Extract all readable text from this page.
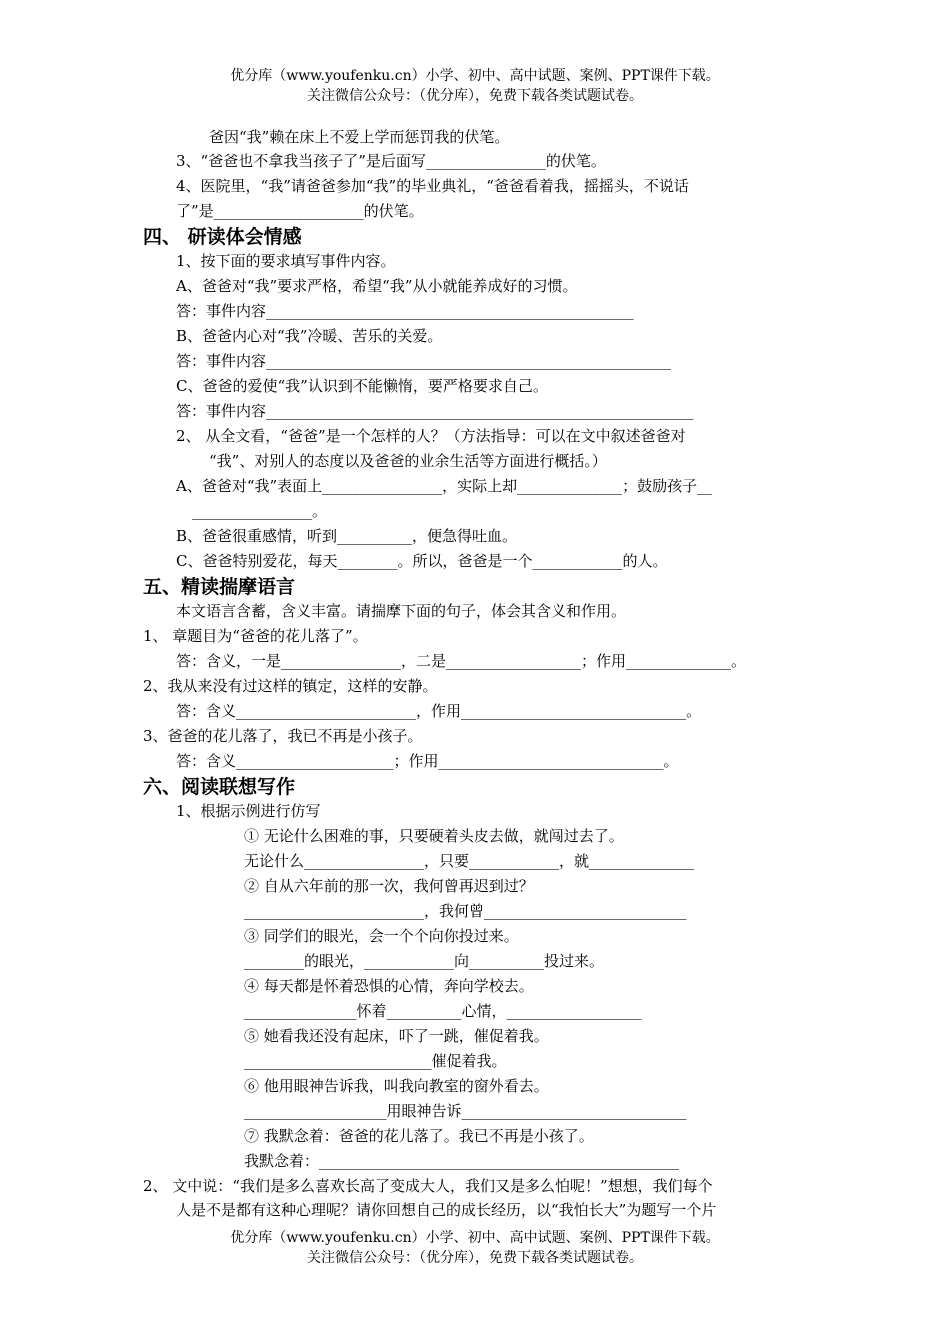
优分库（www.youfenku.cn）小学、初中、高中试题、案例、PPT课件下载。
关注微信公众号：（优分库），免费下载各类试题试卷。
爸因“我”赖在床上不爱上学而惩罚我的伏笔。
3、“爸爸也不拿我当孩子了”是后面写________________的伏笔。
4、医院里，“我”请爸爸参加“我”的毕业典礼，“爸爸看着我，摇摇头，不说话
了”是____________________的伏笔。
四、 研读体会情感
1、按下面的要求填写事件内容。
A、爸爸对“我”要求严格，希望“我”从小就能养成好的习惯。
答：事件内容_________________________________________________
B、爸爸内心对“我”冷暖、苦乐的关爱。
答：事件内容______________________________________________________
C、爸爸的爱使“我”认识到不能懒惰，要严格要求自己。
答：事件内容_________________________________________________________
2、 从全文看，“爸爸”是一个怎样的人？（方法指导：可以在文中叙述爸爸对
“我”、对别人的态度以及爸爸的业余生活等方面进行概括。）
A、爸爸对“我”表面上________________，实际上却______________；鼓励孩子__
________________。
B、爸爸很重感情，听到__________，便急得吐血。
C、爸爸特别爱花，每天________。所以，爸爸是一个____________的人。
五、精读揣摩语言
本文语言含蓄，含义丰富。请揣摩下面的句子，体会其含义和作用。
1、 章题目为“爸爸的花儿落了”。
答：含义，一是________________，二是__________________；作用______________。
2、我从来没有过这样的镇定，这样的安静。
答：含义________________________，作用______________________________。
3、爸爸的花儿落了，我已不再是小孩子。
答：含义_____________________；作用______________________________。
六、阅读联想写作
1、根据示例进行仿写
① 无论什么困难的事，只要硬着头皮去做，就闯过去了。
无论什么________________，只要____________，就______________
② 自从六年前的那一次，我何曾再迟到过？
________________________，我何曾___________________________
③ 同学们的眼光，会一个个向你投过来。
________的眼光，____________向__________投过来。
④ 每天都是怀着恐惧的心情，奔向学校去。
_______________怀着__________心情，__________________
⑤ 她看我还没有起床，吓了一跳，催促着我。
_________________________催促着我。
⑥ 他用眼神告诉我，叫我向教室的窗外看去。
___________________用眼神告诉______________________________
⑦ 我默念着：爸爸的花儿落了。我已不再是小孩了。
我默念着：________________________________________________
2、 文中说：“我们是多么喜欢长高了变成大人，我们又是多么怕呢！”想想，我们每个
人是不是都有这种心理呢？请你回想自己的成长经历，以“我怕长大”为题写一个片
优分库（www.youfenku.cn）小学、初中、高中试题、案例、PPT课件下载。
关注微信公众号：（优分库），免费下载各类试题试卷。
